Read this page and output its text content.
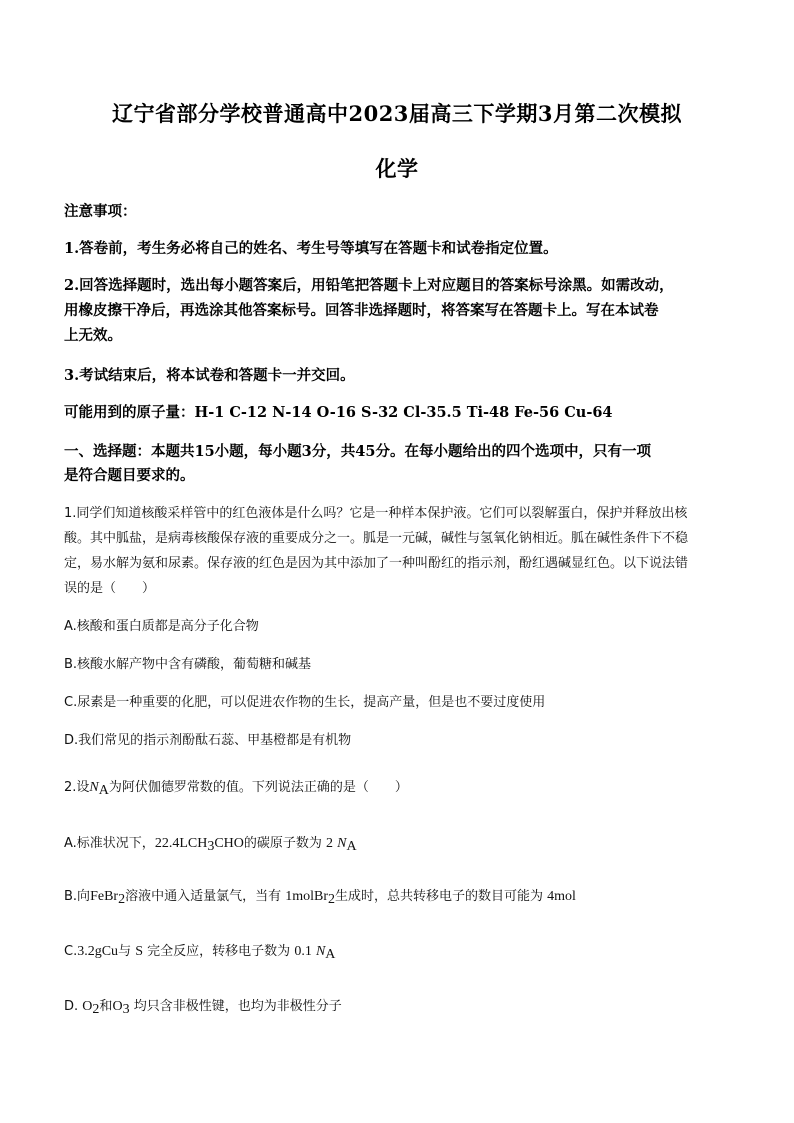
辽宁省部分学校普通高中2023届高三下学期3月第二次模拟
化学
注意事项：
1.答卷前，考生务必将自己的姓名、考生号等填写在答题卡和试卷指定位置。
2.回答选择题时，选出每小题答案后，用铅笔把答题卡上对应题目的答案标号涂黑。如需改动，
用橡皮擦干净后，再选涂其他答案标号。回答非选择题时，将答案写在答题卡上。写在本试卷
上无效。
3.考试结束后，将本试卷和答题卡一并交回。
可能用到的原子量：H-1 C-12 N-14 O-16 S-32 Cl-35.5 Ti-48 Fe-56 Cu-64
一、选择题：本题共15小题，每小题3分，共45分。在每小题给出的四个选项中，只有一项
是符合题目要求的。
1.同学们知道核酸采样管中的红色液体是什么吗？它是一种样本保护液。它们可以裂解蛋白，保护并释放出核
酸。其中胍盐，是病毒核酸保存液的重要成分之一。胍是一元碱，碱性与氢氧化钠相近。胍在碱性条件下不稳
定，易水解为氨和尿素。保存液的红色是因为其中添加了一种叫酚红的指示剂，酚红遇碱显红色。以下说法错
误的是（　　）
A.核酸和蛋白质都是高分子化合物
B.核酸水解产物中含有磷酸，葡萄糖和碱基
C.尿素是一种重要的化肥，可以促进农作物的生长，提高产量，但是也不要过度使用
D.我们常见的指示剂酚酞石蕊、甲基橙都是有机物
2.设$N_A$为阿伏伽德罗常数的值。下列说法正确的是（　　）
A.标准状况下，$22.4LCH_3CHO$的碳原子数为 2 $N_A$
B.向FeBr$_2$溶液中通入适量氯气，当有 1molBr$_2$生成时，总共转移电子的数目可能为 4mol
C.3.2gCu与 S 完全反应，转移电子数为 0.1 $N_A$
D. $O_2$和$O_3$ 均只含非极性键，也均为非极性分子
